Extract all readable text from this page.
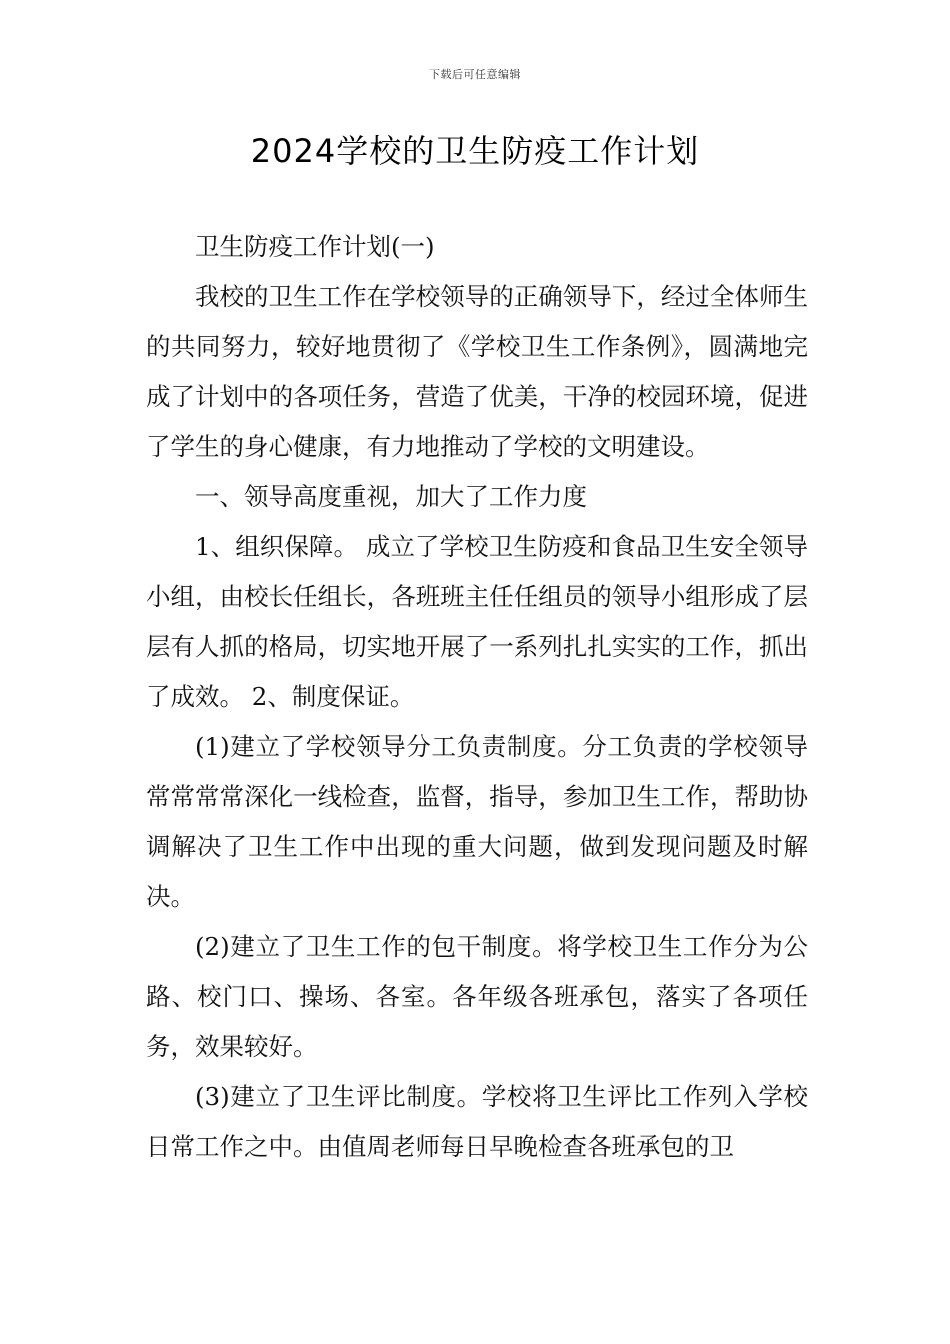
下载后可任意编辑
2024学校的卫生防疫工作计划

卫生防疫工作计划(一)

我校的卫生工作在学校领导的正确领导下，经过全体师生的共同努力，较好地贯彻了《学校卫生工作条例》，圆满地完成了计划中的各项任务，营造了优美，干净的校园环境，促进了学生的身心健康，有力地推动了学校的文明建设。

一、领导高度重视，加大了工作力度

1、组织保障。 成立了学校卫生防疫和食品卫生安全领导小组，由校长任组长，各班班主任任组员的领导小组形成了层层有人抓的格局，切实地开展了一系列扎扎实实的工作，抓出了成效。 2、制度保证。

(1)建立了学校领导分工负责制度。分工负责的学校领导常常常常深化一线检查，监督，指导，参加卫生工作，帮助协调解决了卫生工作中出现的重大问题，做到发现问题及时解决。

(2)建立了卫生工作的包干制度。将学校卫生工作分为公路、校门口、操场、各室。各年级各班承包，落实了各项任务，效果较好。

(3)建立了卫生评比制度。学校将卫生评比工作列入学校日常工作之中。由值周老师每日早晚检查各班承包的卫
